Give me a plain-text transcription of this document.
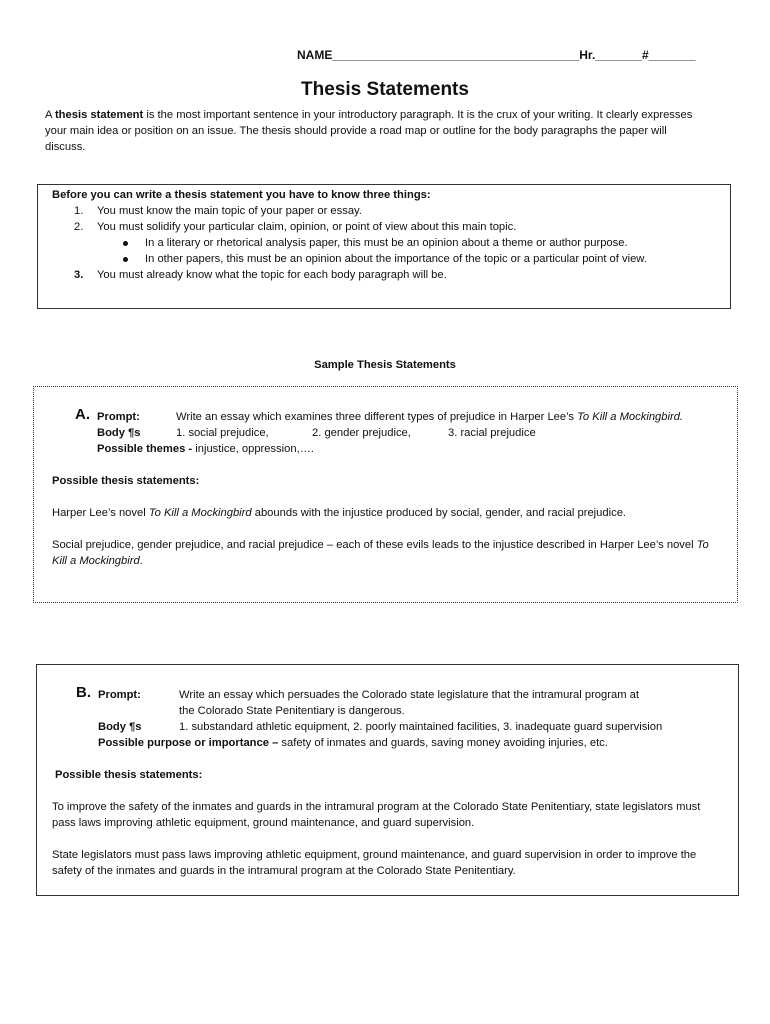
NAME_____________________________________Hr._______#_______
Thesis Statements
A thesis statement is the most important sentence in your introductory paragraph. It is the crux of your writing. It clearly expresses
your main idea or position on an issue. The thesis should provide a road map or outline for the body paragraphs the paper will
discuss.
Before you can write a thesis statement you have to know three things:
1. You must know the main topic of your paper or essay.
2. You must solidify your particular claim, opinion, or point of view about this main topic.
In a literary or rhetorical analysis paper, this must be an opinion about a theme or author purpose.
In other papers, this must be an opinion about the importance of the topic or a particular point of view.
3. You must already know what the topic for each body paragraph will be.
Sample Thesis Statements
A. Prompt:	Write an essay which examines three different types of prejudice in Harper Lee’s To Kill a Mockingbird.
Body ¶s	1. social prejudice,	2. gender prejudice,	3. racial prejudice
Possible themes - injustice, oppression,….
Possible thesis statements:
Harper Lee’s novel To Kill a Mockingbird abounds with the injustice produced by social, gender, and racial prejudice.
Social prejudice, gender prejudice, and racial prejudice – each of these evils leads to the injustice described in Harper Lee’s novel To
Kill a Mockingbird.
B. Prompt:	Write an essay which persuades the Colorado state legislature that the intramural program at
the Colorado State Penitentiary is dangerous.
Body ¶s	1. substandard athletic equipment, 2. poorly maintained facilities, 3. inadequate guard supervision
Possible purpose or importance – safety of inmates and guards, saving money avoiding injuries, etc.
Possible thesis statements:
To improve the safety of the inmates and guards in the intramural program at the Colorado State Penitentiary, state legislators must
pass laws improving athletic equipment, ground maintenance, and guard supervision.
State legislators must pass laws improving athletic equipment, ground maintenance, and guard supervision in order to improve the
safety of the inmates and guards in the intramural program at the Colorado State Penitentiary.
